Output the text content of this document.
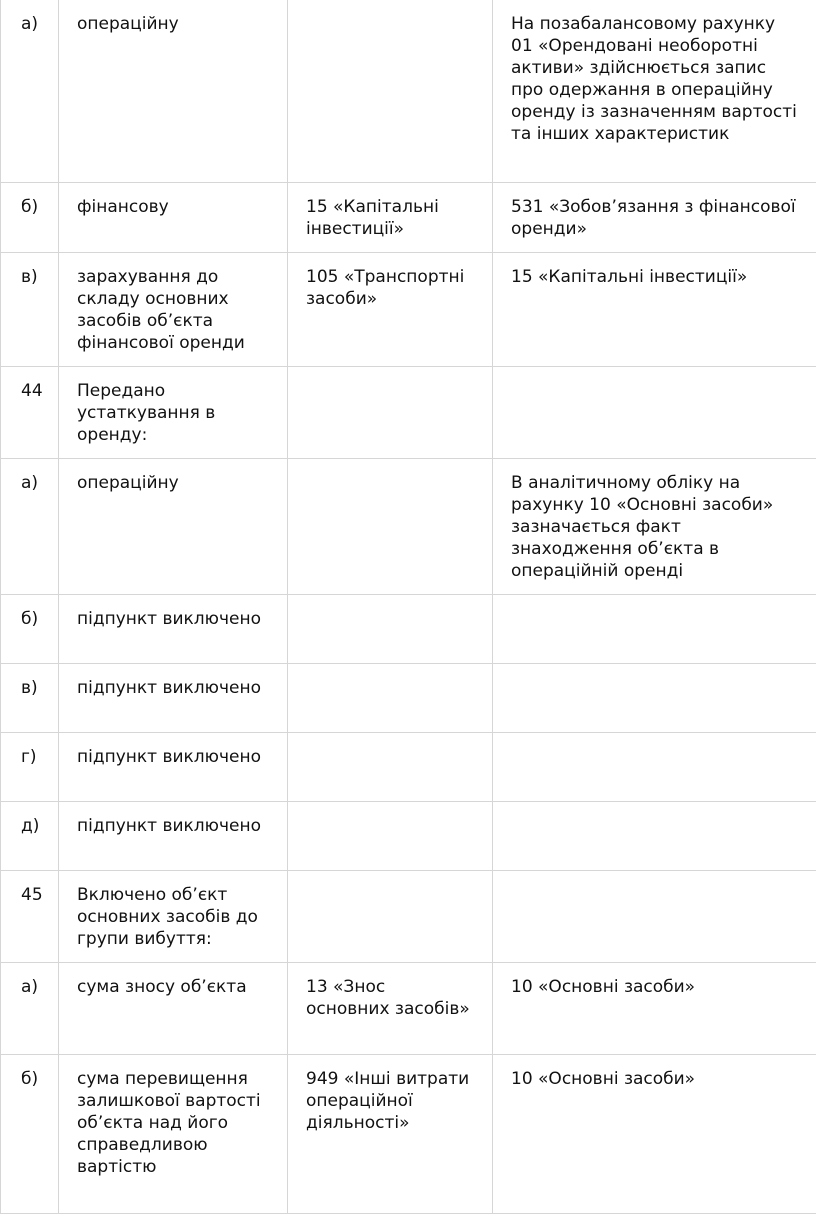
а)	операційну		На позабалансовому рахунку 01 «Орендовані необоротні активи» здійснюється запис про одержання в операційну оренду із зазначенням вартості та інших характеристик
б)	фінансову	15 «Капітальні інвестиції»	531 «Зобов’язання з фінансової оренди»
в)	зарахування до складу основних засобів об’єкта фінансової оренди	105 «Транспортні засоби»	15 «Капітальні інвестиції»
44	Передано устаткування в оренду:		
а)	операційну		В аналітичному обліку на рахунку 10 «Основні засоби» зазначається факт знаходження об’єкта в операційній оренді
б)	підпункт виключено		
в)	підпункт виключено		
г)	підпункт виключено		
д)	підпункт виключено		
45	Включено об’єкт основних засобів до групи вибуття:		
а)	сума зносу об’єкта	13 «Знос основних засобів»	10 «Основні засоби»
б)	сума перевищення залишкової вартості об’єкта над його справедливою вартістю	949 «Інші витрати операційної діяльності»	10 «Основні засоби»
